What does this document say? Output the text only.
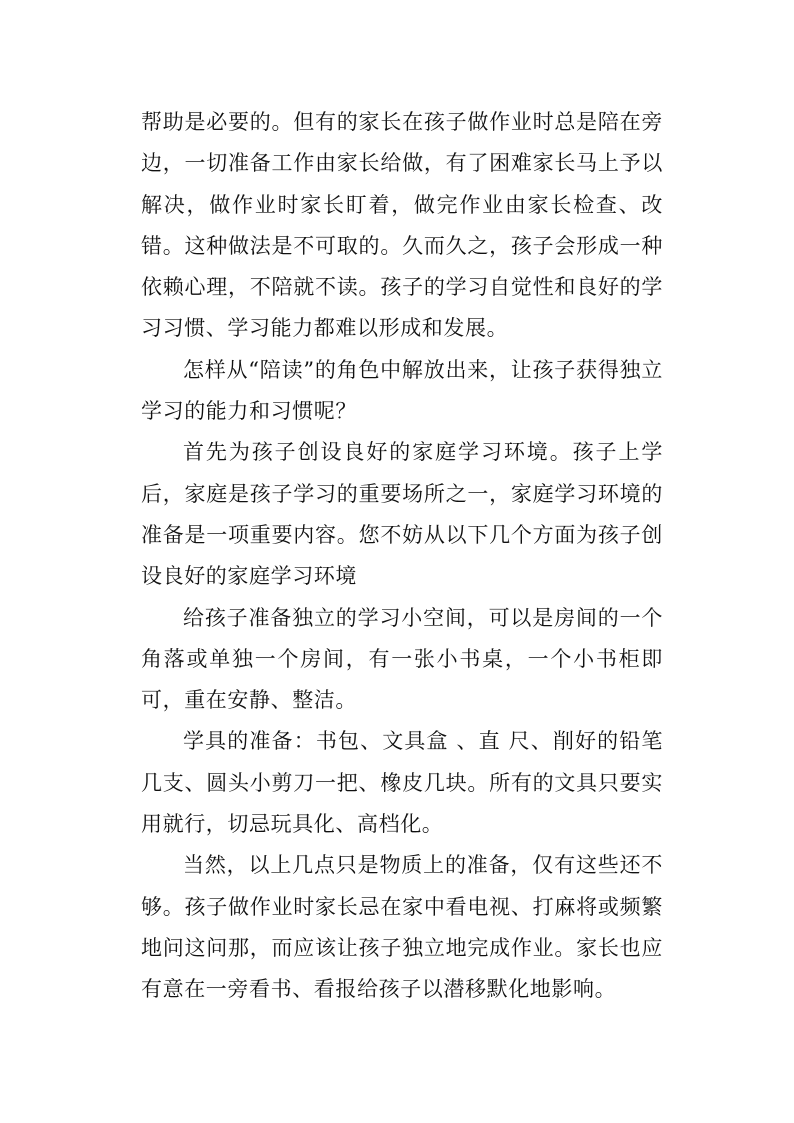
帮助是必要的。但有的家长在孩子做作业时总是陪在旁边，一切准备工作由家长给做，有了困难家长马上予以解决，做作业时家长盯着，做完作业由家长检查、改错。这种做法是不可取的。久而久之，孩子会形成一种依赖心理，不陪就不读。孩子的学习自觉性和良好的学习习惯、学习能力都难以形成和发展。

怎样从“陪读”的角色中解放出来，让孩子获得独立学习的能力和习惯呢？

首先为孩子创设良好的家庭学习环境。孩子上学后，家庭是孩子学习的重要场所之一，家庭学习环境的准备是一项重要内容。您不妨从以下几个方面为孩子创设良好的家庭学习环境

给孩子准备独立的学习小空间，可以是房间的一个角落或单独一个房间，有一张小书桌，一个小书柜即可，重在安静、整洁。

学具的准备：书包、文具盒 、直 尺、削好的铅笔几支、圆头小剪刀一把、橡皮几块。所有的文具只要实用就行，切忌玩具化、高档化。

当然，以上几点只是物质上的准备，仅有这些还不够。孩子做作业时家长忌在家中看电视、打麻将或频繁地问这问那，而应该让孩子独立地完成作业。家长也应有意在一旁看书、看报给孩子以潜移默化地影响。
